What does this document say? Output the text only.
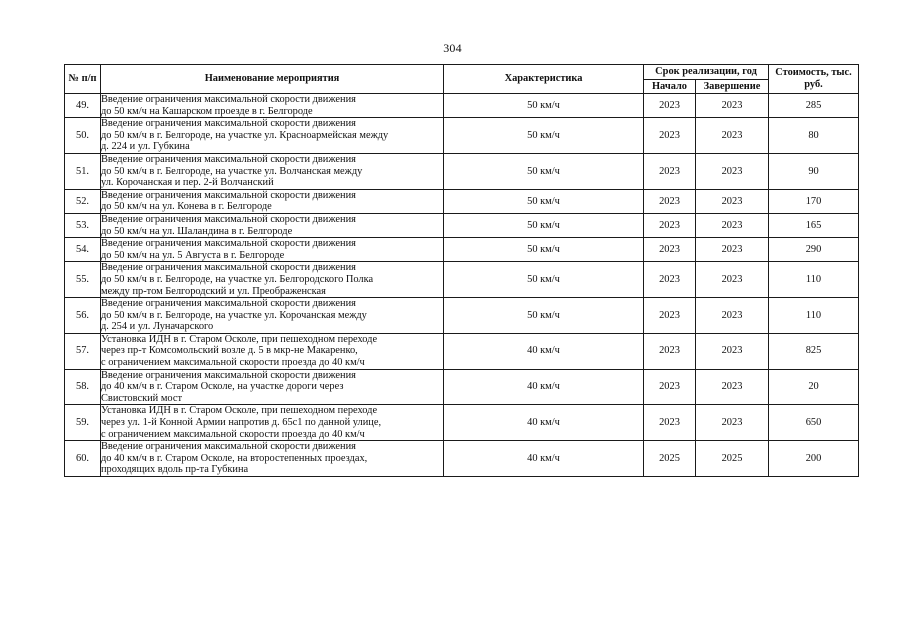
304
№ п/п	Наименование мероприятия	Характеристика	Срок реализации, год		Стоимость, тыс. руб.
			Начало	Завершение	
49.	Введение ограничения максимальной скорости движения
до 50 км/ч на Кашарском проезде в г. Белгороде	50 км/ч	2023	2023	285
50.	Введение ограничения максимальной скорости движения
до 50 км/ч в г. Белгороде, на участке ул. Красноармейская между
д. 224 и ул. Губкина	50 км/ч	2023	2023	80
51.	Введение ограничения максимальной скорости движения
до 50 км/ч в г. Белгороде, на участке ул. Волчанская между
ул. Корочанская и пер. 2-й Волчанский	50 км/ч	2023	2023	90
52.	Введение ограничения максимальной скорости движения
до 50 км/ч на ул. Конева в г. Белгороде	50 км/ч	2023	2023	170
53.	Введение ограничения максимальной скорости движения
до 50 км/ч на ул. Шаландина в г. Белгороде	50 км/ч	2023	2023	165
54.	Введение ограничения максимальной скорости движения
до 50 км/ч на ул. 5 Августа в г. Белгороде	50 км/ч	2023	2023	290
55.	Введение ограничения максимальной скорости движения
до 50 км/ч в г. Белгороде, на участке ул. Белгородского Полка
между пр-том Белгородский и ул. Преображенская	50 км/ч	2023	2023	110
56.	Введение ограничения максимальной скорости движения
до 50 км/ч в г. Белгороде, на участке ул. Корочанская между
д. 254 и ул. Луначарского	50 км/ч	2023	2023	110
57.	Установка ИДН в г. Старом Осколе, при пешеходном переходе
через пр-т Комсомольский возле д. 5 в мкр-не Макаренко,
с ограничением максимальной скорости проезда до 40 км/ч	40 км/ч	2023	2023	825
58.	Введение ограничения максимальной скорости движения
до 40 км/ч в г. Старом Осколе, на участке дороги через
Свистовский мост	40 км/ч	2023	2023	20
59.	Установка ИДН в г. Старом Осколе, при пешеходном переходе
через ул. 1-й Конной Армии напротив д. 65с1 по данной улице,
с ограничением максимальной скорости проезда до 40 км/ч	40 км/ч	2023	2023	650
60.	Введение ограничения максимальной скорости движения
до 40 км/ч в г. Старом Осколе, на второстепенных проездах,
проходящих вдоль пр-та Губкина	40 км/ч	2025	2025	200
